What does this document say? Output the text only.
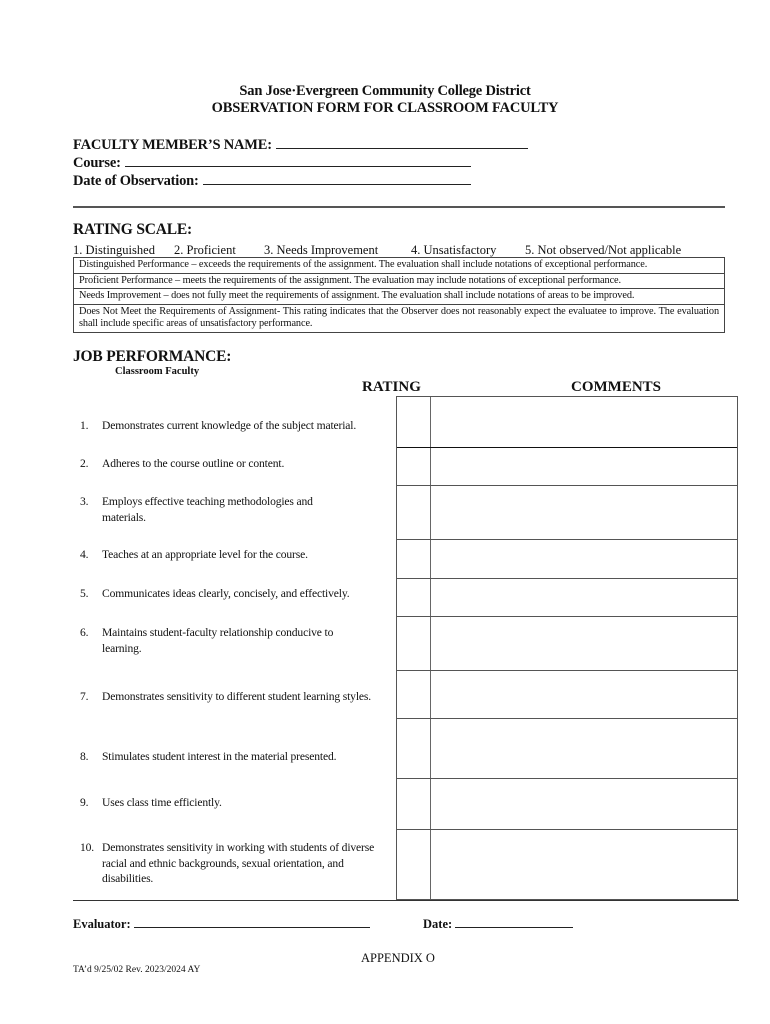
San Jose·Evergreen Community College District
OBSERVATION FORM FOR CLASSROOM FACULTY
FACULTY MEMBER’S NAME:
Course:
Date of Observation:
RATING SCALE:
1. Distinguished 2. Proficient 3. Needs Improvement	4. Unsatisfactory 5. Not observed/Not applicable
Distinguished Performance – exceeds the requirements of the assignment. The evaluation shall include notations of exceptional performance.
Proficient Performance – meets the requirements of the assignment. The evaluation may include notations of exceptional performance.
Needs Improvement – does not fully meet the requirements of assignment. The evaluation shall include notations of areas to be improved.
Does Not Meet the Requirements of Assignment- This rating indicates that the Observer does not reasonably expect the evaluatee to improve. The evaluation shall include specific areas of unsatisfactory performance.
JOB PERFORMANCE:
Classroom Faculty
RATING	COMMENTS
1. Demonstrates current knowledge of the subject material.
2. Adheres to the course outline or content.
3. Employs effective teaching methodologies and materials.
4. Teaches at an appropriate level for the course.
5. Communicates ideas clearly, concisely, and effectively.
6. Maintains student-faculty relationship conducive to learning.
7. Demonstrates sensitivity to different student learning styles.
8. Stimulates student interest in the material presented.
9. Uses class time efficiently.
10. Demonstrates sensitivity in working with students of diverse racial and ethnic backgrounds, sexual orientation, and disabilities.
Evaluator:	Date:
APPENDIX O
TA’d 9/25/02 Rev. 2023/2024 AY
